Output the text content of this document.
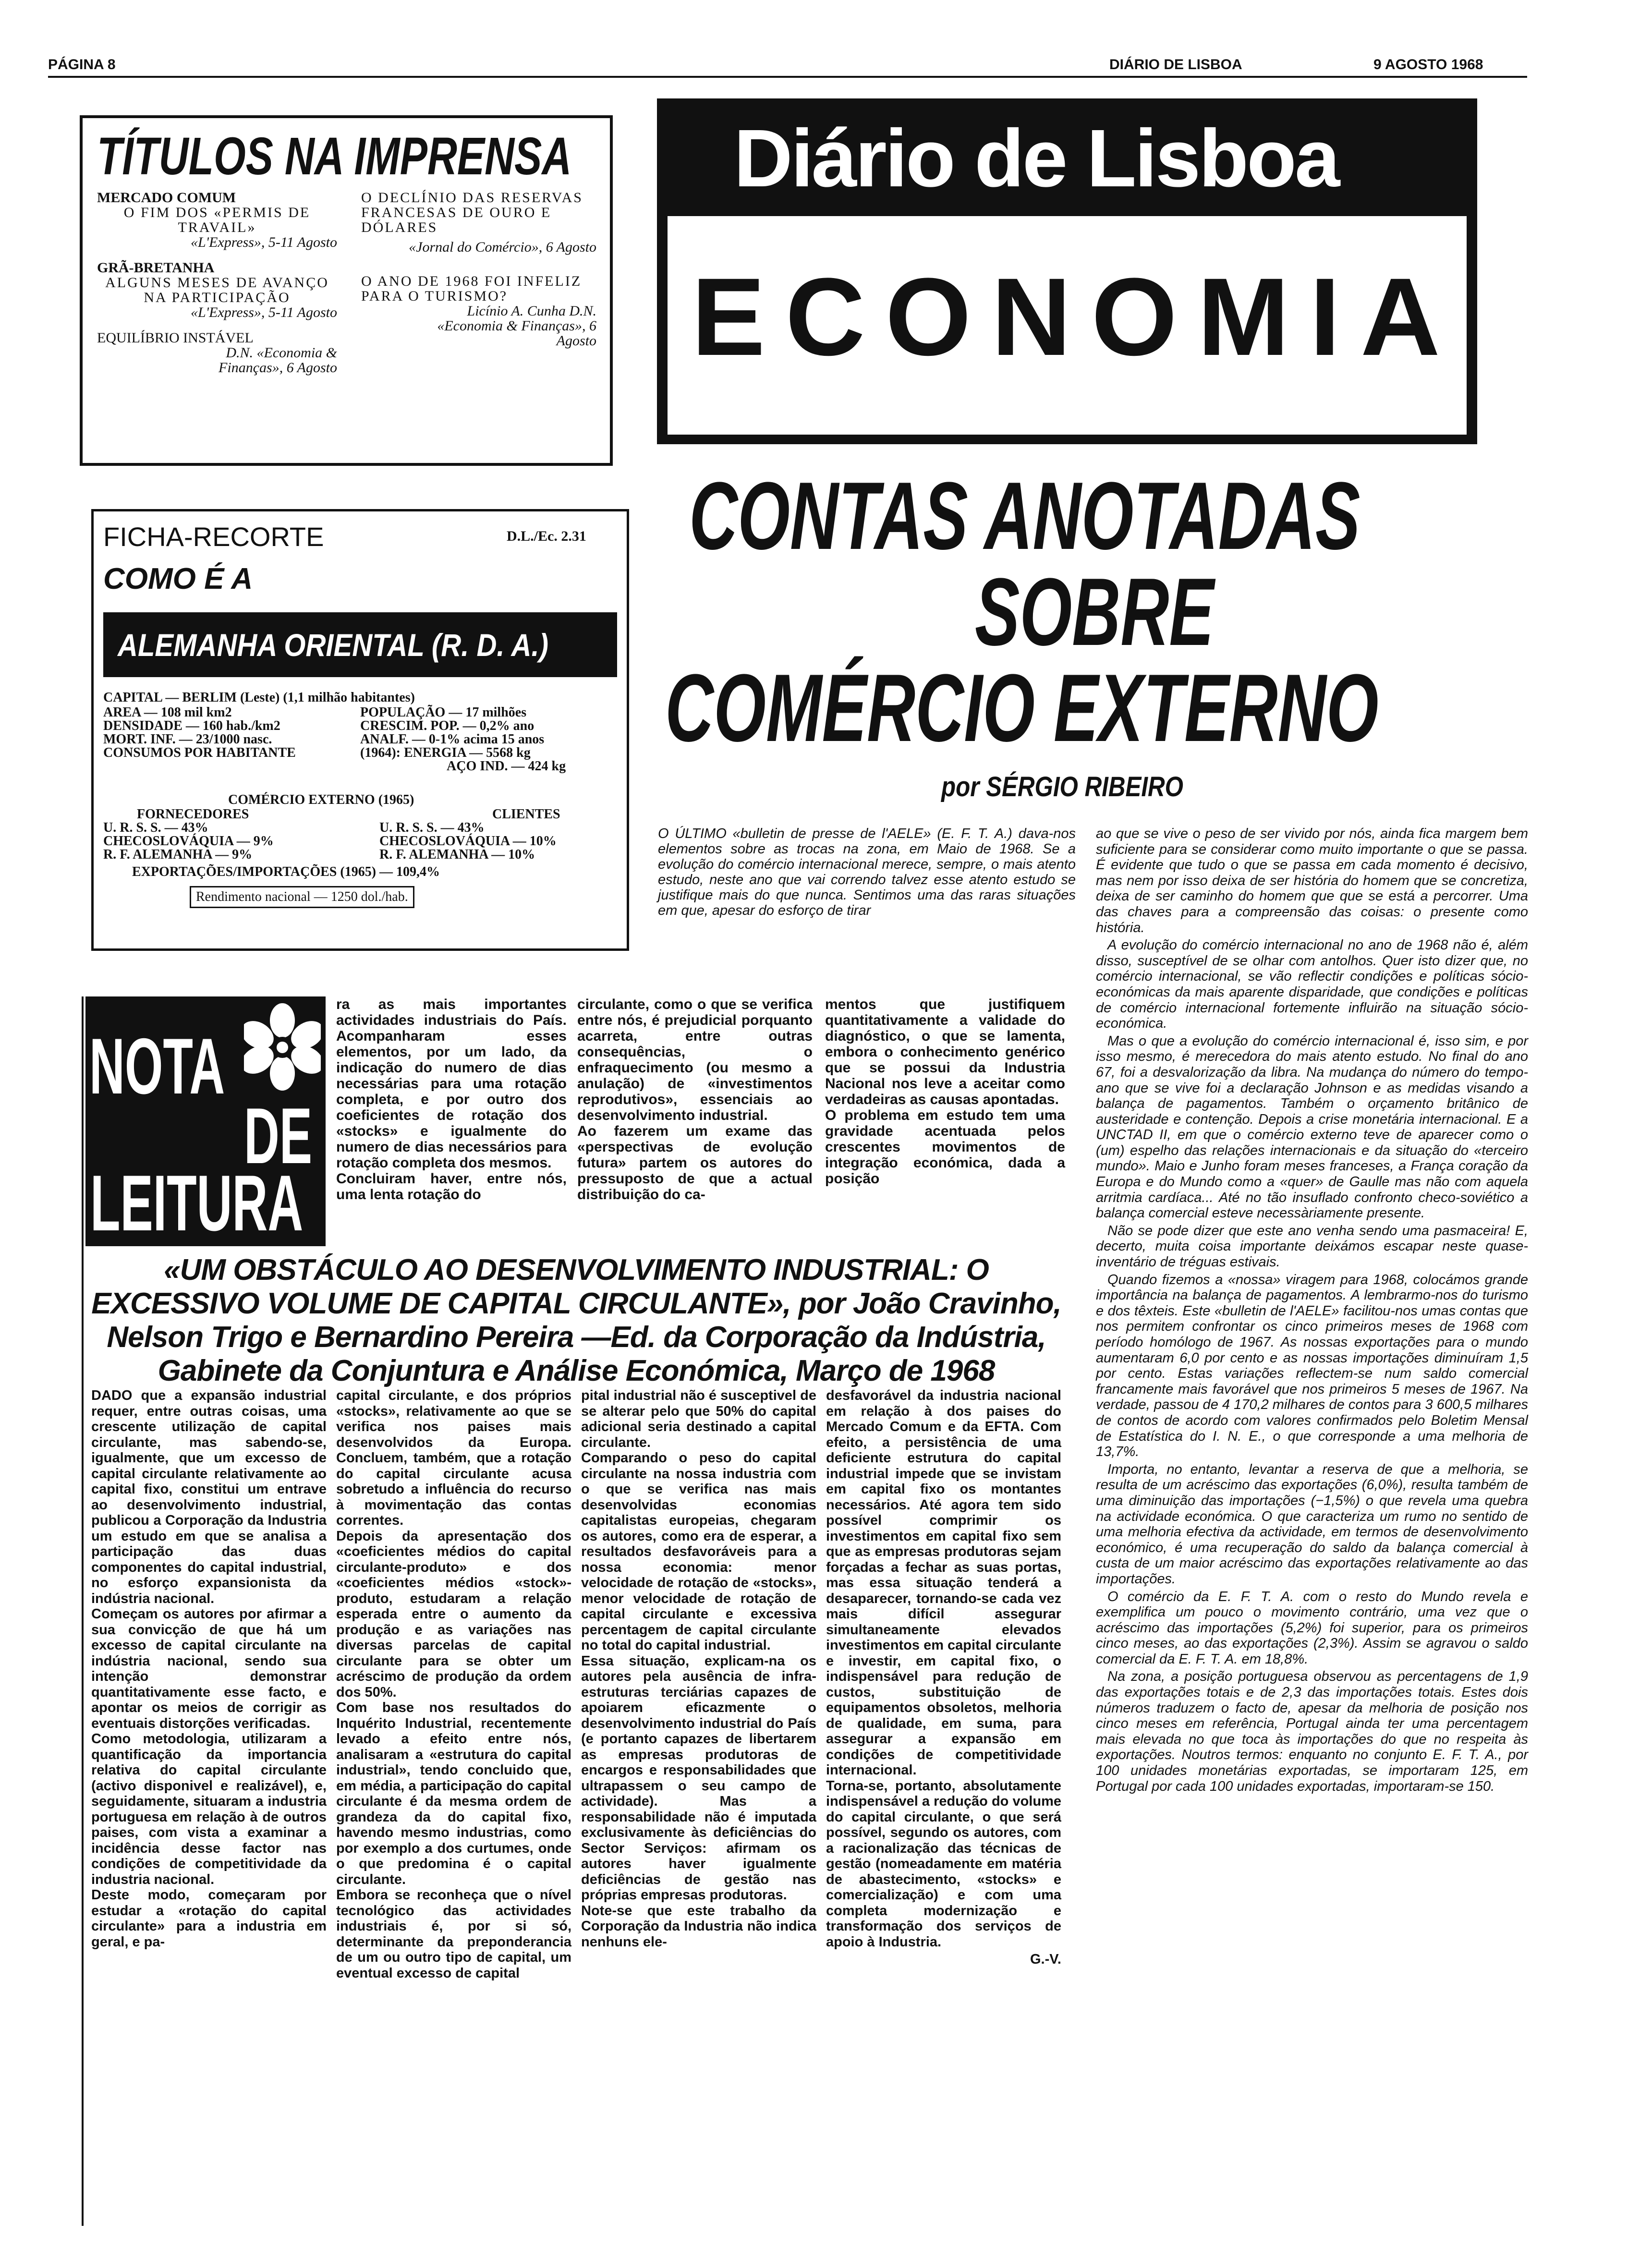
PÁGINA 8	DIÁRIO DE LISBOA	9 AGOSTO 1968
TÍTULOS NA IMPRENSA
MERCADO COMUM
O FIM DOS «PERMIS DE TRAVAIL»
«L'Express», 5-11 Agosto
GRÃ-BRETANHA
ALGUNS MESES DE AVANÇO NA PARTICIPAÇÃO
«L'Express», 5-11 Agosto
EQUILÍBRIO INSTÁVEL
D.N. «Economia & Finanças», 6 Agosto
O DECLÍNIO DAS RESERVAS FRANCESAS DE OURO E DÓLARES
«Jornal do Comércio», 6 Agosto
O ANO DE 1968 FOI INFELIZ PARA O TURISMO?
Licínio A. Cunha D.N. «Economia & Finanças», 6 Agosto
FICHA-RECORTE	D.L./Ec. 2.31
COMO É A
ALEMANHA ORIENTAL (R. D. A.)
CAPITAL — BERLIM (Leste) (1,1 milhão habitantes)
AREA — 108 mil km2	POPULAÇÃO — 17 milhões
DENSIDADE — 160 hab./km2	CRESCIM. POP. — 0,2% ano
MORT. INF. — 23/1000 nasc.	ANALF. — 0-1% acima 15 anos
CONSUMOS POR HABITANTE	(1964): ENERGIA — 5568 kg
AÇO IND. — 424 kg
COMÉRCIO EXTERNO (1965)
FORNECEDORES	CLIENTES
U. R. S. S. — 43%	U. R. S. S. — 43%
CHECOSLOVÁQUIA — 9%	CHECOSLOVÁQUIA — 10%
R. F. ALEMANHA — 9%	R. F. ALEMANHA — 10%
EXPORTAÇÕES/IMPORTAÇÕES (1965) — 109,4%
Rendimento nacional — 1250 dol./hab.
Diário de Lisboa
ECONOMIA
CONTAS ANOTADAS
SOBRE
COMÉRCIO EXTERNO
por SÉRGIO RIBEIRO

O ÚLTIMO «bulletin de presse de l'AELE» (E. F. T. A.) dava-nos elementos sobre as trocas na zona, em Maio de 1968. Se a evolução do comércio internacional merece, sempre, o mais atento estudo, neste ano que vai correndo talvez esse atento estudo se justifique mais do que nunca. Sentimos uma das raras situações em que, apesar do esforço de tirar

ao que se vive o peso de ser vivido por nós, ainda fica margem bem suficiente para se considerar como muito importante o que se passa. É evidente que tudo o que se passa em cada momento é decisivo, mas nem por isso deixa de ser história do homem que se concretiza, deixa de ser caminho do homem que que se está a percorrer. Uma das chaves para a compreensão das coisas: o presente como história.

A evolução do comércio internacional no ano de 1968 não é, além disso, susceptível de se olhar com antolhos. Quer isto dizer que, no comércio internacional, se vão reflectir condições e políticas sócio-económicas da mais aparente disparidade, que condições e políticas de comércio internacional fortemente influirão na situação sócio-económica.

Mas o que a evolução do comércio internacional é, isso sim, e por isso mesmo, é merecedora do mais atento estudo. No final do ano 67, foi a desvalorização da libra. Na mudança do número do tempo-ano que se vive foi a declaração Johnson e as medidas visando a balança de pagamentos. Também o orçamento britânico de austeridade e contenção. Depois a crise monetária internacional. E a UNCTAD II, em que o comércio externo teve de aparecer como o (um) espelho das relações internacionais e da situação do «terceiro mundo». Maio e Junho foram meses franceses, a França coração da Europa e do Mundo como a «quer» de Gaulle mas não com aquela arritmia cardíaca... Até no tão insuflado confronto checo-soviético a balança comercial esteve necessàriamente presente.

Não se pode dizer que este ano venha sendo uma pasmaceira! E, decerto, muita coisa importante deixámos escapar neste quase-inventário de tréguas estivais.

Quando fizemos a «nossa» viragem para 1968, colocámos grande importância na balança de pagamentos. A lembrarmo-nos do turismo e dos têxteis. Este «bulletin de l'AELE» facilitou-nos umas contas que nos permitem confrontar os cinco primeiros meses de 1968 com período homólogo de 1967. As nossas exportações para o mundo aumentaram 6,0 por cento e as nossas importações diminuíram 1,5 por cento. Estas variações reflectem-se num saldo comercial francamente mais favorável que nos primeiros 5 meses de 1967. Na verdade, passou de 4 170,2 milhares de contos para 3 600,5 milhares de contos de acordo com valores confirmados pelo Boletim Mensal de Estatística do I. N. E., o que corresponde a uma melhoria de 13,7%.

Importa, no entanto, levantar a reserva de que a melhoria, se resulta de um acréscimo das exportações (6,0%), resulta também de uma diminuição das importações (−1,5%) o que revela uma quebra na actividade económica. O que caracteriza um rumo no sentido de uma melhoria efectiva da actividade, em termos de desenvolvimento económico, é uma recuperação do saldo da balança comercial à custa de um maior acréscimo das exportações relativamente ao das importações.

O comércio da E. F. T. A. com o resto do Mundo revela e exemplifica um pouco o movimento contrário, uma vez que o acréscimo das importações (5,2%) foi superior, para os primeiros cinco meses, ao das exportações (2,3%). Assim se agravou o saldo comercial da E. F. T. A. em 18,8%.

Na zona, a posição portuguesa observou as percentagens de 1,9 das exportações totais e de 2,3 das importações totais. Estes dois números traduzem o facto de, apesar da melhoria de posição nos cinco meses em referência, Portugal ainda ter uma percentagem mais elevada no que toca às importações do que no respeita às exportações. Noutros termos: enquanto no conjunto E. F. T. A., por 100 unidades monetárias exportadas, se importaram 125, em Portugal por cada 100 unidades exportadas, importaram-se 150.

NOTA
DE
LEITURA

ra as mais importantes actividades industriais do País. Acompanharam esses elementos, por um lado, da indicação do numero de dias necessárias para uma rotação completa, e por outro dos coeficientes de rotação dos «stocks» e igualmente do numero de dias necessários para rotação completa dos mesmos.
Concluiram haver, entre nós, uma lenta rotação do

circulante, como o que se verifica entre nós, é prejudicial porquanto acarreta, entre outras consequências, o enfraquecimento (ou mesmo a anulação) de «investimentos reprodutivos», essenciais ao desenvolvimento industrial.
Ao fazerem um exame das «perspectivas de evolução futura» partem os autores do pressuposto de que a actual distribuição do ca-

mentos que justifiquem quantitativamente a validade do diagnóstico, o que se lamenta, embora o conhecimento genérico que se possui da Industria Nacional nos leve a aceitar como verdadeiras as causas apontadas.
O problema em estudo tem uma gravidade acentuada pelos crescentes movimentos de integração económica, dada a posição

«UM OBSTÁCULO AO DESENVOLVIMENTO INDUSTRIAL: O EXCESSIVO VOLUME DE CAPITAL CIRCULANTE», por João Cravinho, Nelson Trigo e Bernardino Pereira —Ed. da Corporação da Indústria, Gabinete da Conjuntura e Análise Económica, Março de 1968

DADO que a expansão industrial requer, entre outras coisas, uma crescente utilização de capital circulante, mas sabendo-se, igualmente, que um excesso de capital circulante relativamente ao capital fixo, constitui um entrave ao desenvolvimento industrial, publicou a Corporação da Industria um estudo em que se analisa a participação das duas componentes do capital industrial, no esforço expansionista da indústria nacional.
Começam os autores por afirmar a sua convicção de que há um excesso de capital circulante na indústria nacional, sendo sua intenção demonstrar quantitativamente esse facto, e apontar os meios de corrigir as eventuais distorções verificadas.
Como metodologia, utilizaram a quantificação da importancia relativa do capital circulante (activo disponivel e realizável), e, seguidamente, situaram a industria portuguesa em relação à de outros paises, com vista a examinar a incidência desse factor nas condições de competitividade da industria nacional.
Deste modo, começaram por estudar a «rotação do capital circulante» para a industria em geral, e pa-

capital circulante, e dos próprios «stocks», relativamente ao que se verifica nos paises mais desenvolvidos da Europa. Concluem, também, que a rotação do capital circulante acusa sobretudo a influência do recurso à movimentação das contas correntes.
Depois da apresentação dos «coeficientes médios do capital circulante-produto» e dos «coeficientes médios «stock»-produto, estudaram a relação esperada entre o aumento da produção e as variações nas diversas parcelas de capital circulante para se obter um acréscimo de produção da ordem dos 50%.
Com base nos resultados do Inquérito Industrial, recentemente levado a efeito entre nós, analisaram a «estrutura do capital industrial», tendo concluido que, em média, a participação do capital circulante é da mesma ordem de grandeza da do capital fixo, havendo mesmo industrias, como por exemplo a dos curtumes, onde o que predomina é o capital circulante.
Embora se reconheça que o nível tecnológico das actividades industriais é, por si só, determinante da preponderancia de um ou outro tipo de capital, um eventual excesso de capital

pital industrial não é susceptivel de se alterar pelo que 50% do capital adicional seria destinado a capital circulante.
Comparando o peso do capital circulante na nossa industria com o que se verifica nas mais desenvolvidas economias capitalistas europeias, chegaram os autores, como era de esperar, a resultados desfavoráveis para a nossa economia: menor velocidade de rotação de «stocks», menor velocidade de rotação de capital circulante e excessiva percentagem de capital circulante no total do capital industrial.
Essa situação, explicam-na os autores pela ausência de infra-estruturas terciárias capazes de apoiarem eficazmente o desenvolvimento industrial do País (e portanto capazes de libertarem as empresas produtoras de encargos e responsabilidades que ultrapassem o seu campo de actividade). Mas a responsabilidade não é imputada exclusivamente às deficiências do Sector Serviços: afirmam os autores haver igualmente deficiências de gestão nas próprias empresas produtoras.
Note-se que este trabalho da Corporação da Industria não indica nenhuns ele-

desfavorável da industria nacional em relação à dos paises do Mercado Comum e da EFTA. Com efeito, a persistência de uma deficiente estrutura do capital industrial impede que se invistam em capital fixo os montantes necessários. Até agora tem sido possível comprimir os investimentos em capital fixo sem que as empresas produtoras sejam forçadas a fechar as suas portas, mas essa situação tenderá a desaparecer, tornando-se cada vez mais difícil assegurar simultaneamente elevados investimentos em capital circulante e investir, em capital fixo, o indispensável para redução de custos, substituição de equipamentos obsoletos, melhoria de qualidade, em suma, para assegurar a expansão em condições de competitividade internacional.
Torna-se, portanto, absolutamente indispensável a redução do volume do capital circulante, o que será possível, segundo os autores, com a racionalização das técnicas de gestão (nomeadamente em matéria de abastecimento, «stocks» e comercialização) e com uma completa modernização e transformação dos serviços de apoio à Industria.

G.-V.
